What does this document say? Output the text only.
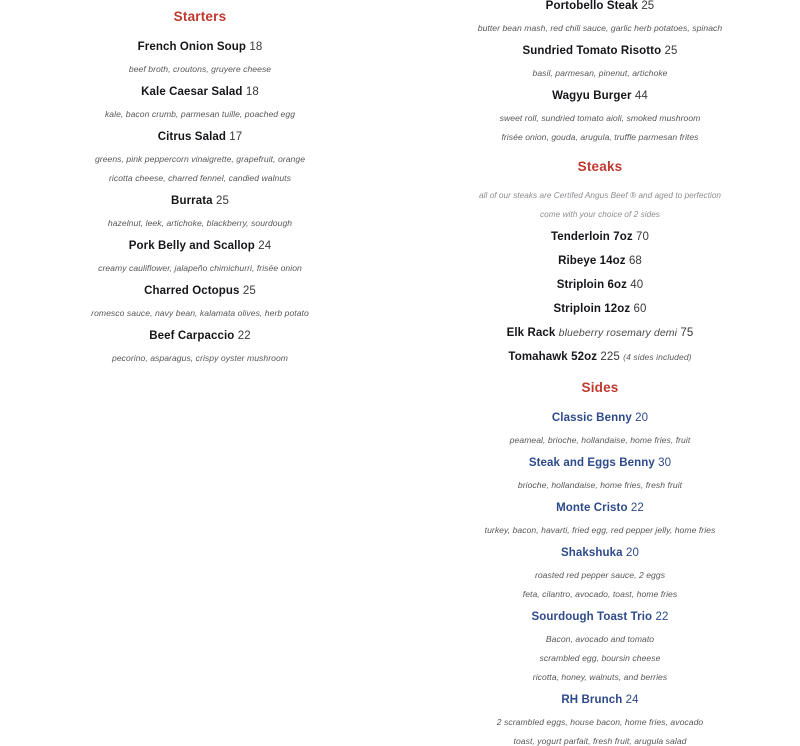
Starters
French Onion Soup 18
beef broth, croutons, gruyere cheese
Kale Caesar Salad 18
kale, bacon crumb, parmesan tuille, poached egg
Citrus Salad 17
greens, pink peppercorn vinaigrette, grapefruit, orange
ricotta cheese, charred fennel, candied walnuts
Burrata 25
hazelnut, leek, artichoke, blackberry, sourdough
Pork Belly and Scallop 24
creamy cauliflower, jalapeño chimichurri, frisée onion
Charred Octopus 25
romesco sauce, navy bean, kalamata olives, herb potato
Beef Carpaccio 22
pecorino, asparagus, crispy oyster mushroom
Portobello Steak 25
butter bean mash, red chili sauce, garlic herb potatoes, spinach
Sundried Tomato Risotto 25
basil, parmesan, pinenut, artichoke
Wagyu Burger 44
sweet roll, sundried tomato aioli, smoked mushroom
frisée onion, gouda, arugula, truffle parmesan frites
Steaks
all of our steaks are Certifed Angus Beef ® and aged to perfection
come with your choice of 2 sides
Tenderloin 7oz 70
Ribeye 14oz 68
Striploin 6oz 40
Striploin 12oz 60
Elk Rack blueberry rosemary demi 75
Tomahawk 52oz 225 (4 sides included)
Sides
Classic Benny 20
peameal, brioche, hollandaise, home fries, fruit
Steak and Eggs Benny 30
brioche, hollandaise, home fries, fresh fruit
Monte Cristo 22
turkey, bacon, havarti, fried egg, red pepper jelly, home fries
Shakshuka 20
roasted red pepper sauce, 2 eggs
feta, cilantro, avocado, toast, home fries
Sourdough Toast Trio 22
Bacon, avocado and tomato
scrambled egg, boursin cheese
ricotta, honey, walnuts, and berries
RH Brunch 24
2 scrambled eggs, house bacon, home fries, avocado
toast, yogurt parfait, fresh fruit, arugula salad
